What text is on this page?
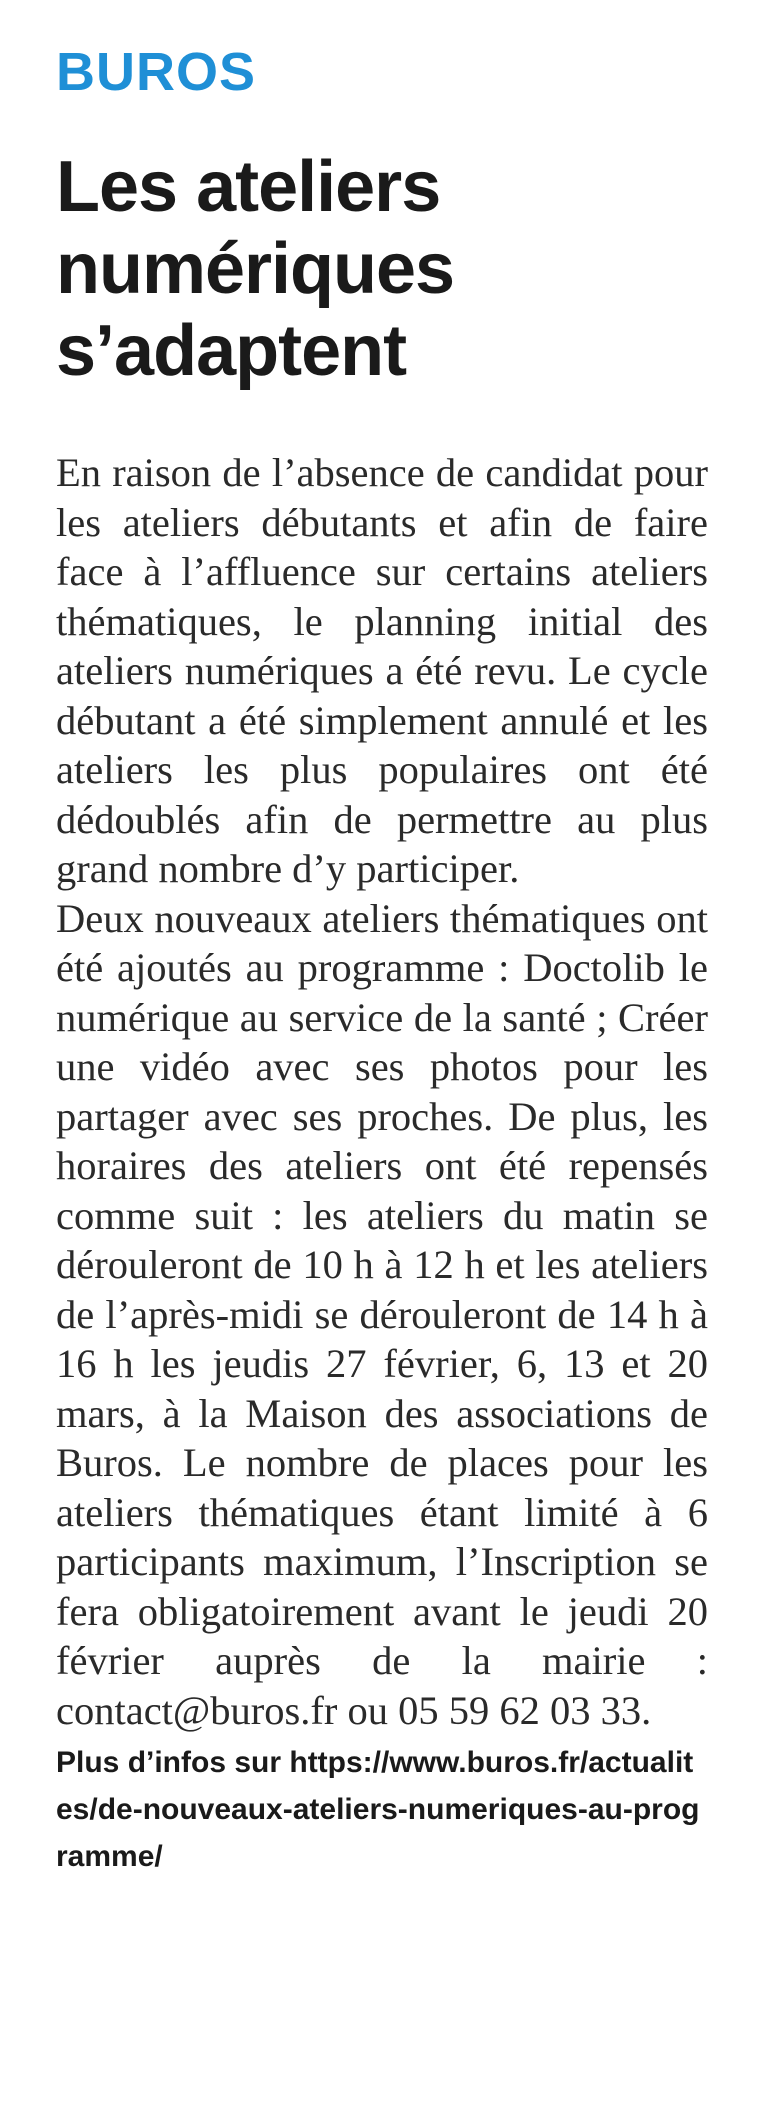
BUROS
Les ateliers numériques s’adaptent

En raison de l’absence de candidat pour les ateliers débutants et afin de faire face à l’affluence sur certains ateliers thématiques, le planning initial des ateliers numériques a été revu. Le cycle débutant a été simplement annulé et les ateliers les plus populaires ont été dédoublés afin de permettre au plus grand nombre d’y participer.

Deux nouveaux ateliers thématiques ont été ajoutés au programme : Doctolib le numérique au service de la santé ; Créer une vidéo avec ses photos pour les partager avec ses proches. De plus, les horaires des ateliers ont été repensés comme suit : les ateliers du matin se dérouleront de 10 h à 12 h et les ateliers de l’après-midi se dérouleront de 14 h à 16 h les jeudis 27 février, 6, 13 et 20 mars, à la Maison des associations de Buros. Le nombre de places pour les ateliers thématiques étant limité à 6 participants maximum, l’Inscription se fera obligatoirement avant le jeudi 20 février auprès de la mairie : contact@buros.fr ou 05 59 62 03 33.

Plus d’infos sur https://www.buros.fr/actualites/de-nouveaux-ateliers-numeriques-au-programme/
